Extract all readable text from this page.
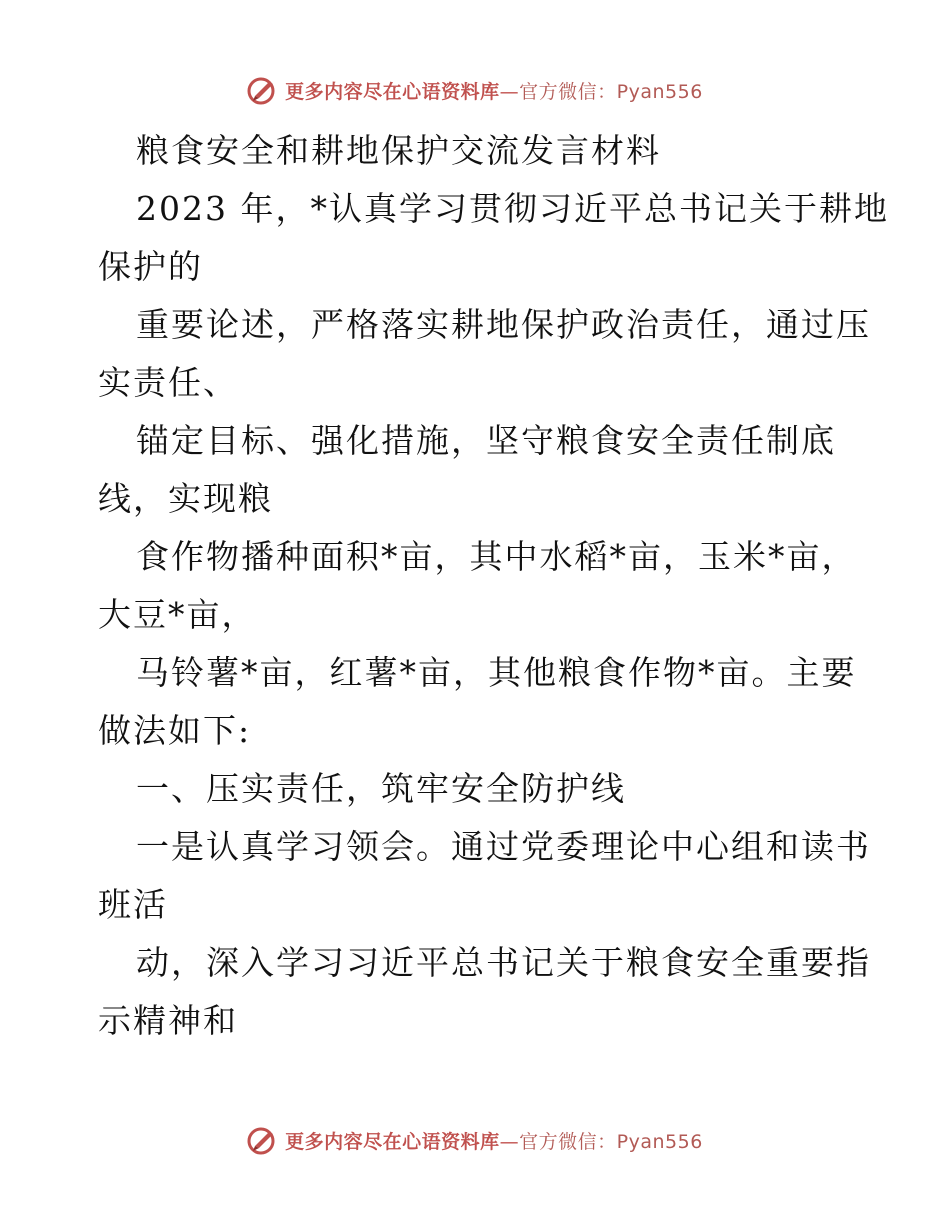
更多内容尽在心语资料库—官方微信：Pyan556
粮食安全和耕地保护交流发言材料
2023 年，*认真学习贯彻习近平总书记关于耕地
保护的
重要论述，严格落实耕地保护政治责任，通过压
实责任、
锚定目标、强化措施，坚守粮食安全责任制底
线，实现粮
食作物播种面积*亩，其中水稻*亩，玉米*亩，
大豆*亩，
马铃薯*亩，红薯*亩，其他粮食作物*亩。主要
做法如下:
一、压实责任，筑牢安全防护线
一是认真学习领会。通过党委理论中心组和读书
班活
动，深入学习习近平总书记关于粮食安全重要指
示精神和
更多内容尽在心语资料库—官方微信：Pyan556
